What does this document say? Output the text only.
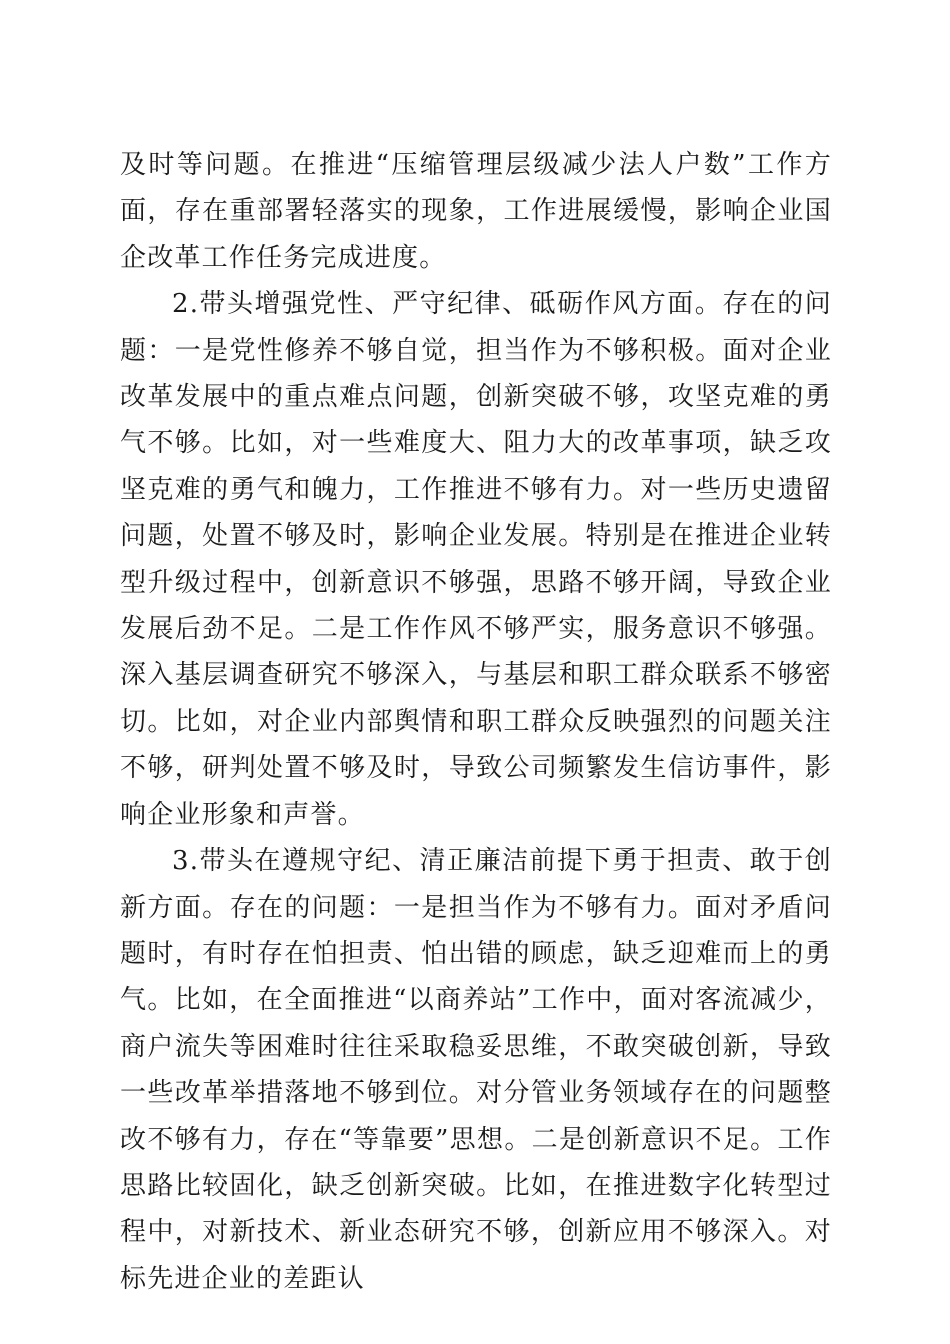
及时等问题。在推进“压缩管理层级减少法人户数”工作方面，存在重部署轻落实的现象，工作进展缓慢，影响企业国企改革工作任务完成进度。

2.带头增强党性、严守纪律、砥砺作风方面。存在的问题：一是党性修养不够自觉，担当作为不够积极。面对企业改革发展中的重点难点问题，创新突破不够，攻坚克难的勇气不够。比如，对一些难度大、阻力大的改革事项，缺乏攻坚克难的勇气和魄力，工作推进不够有力。对一些历史遗留问题，处置不够及时，影响企业发展。特别是在推进企业转型升级过程中，创新意识不够强，思路不够开阔，导致企业发展后劲不足。二是工作作风不够严实，服务意识不够强。深入基层调查研究不够深入，与基层和职工群众联系不够密切。比如，对企业内部舆情和职工群众反映强烈的问题关注不够，研判处置不够及时，导致公司频繁发生信访事件，影响企业形象和声誉。

3.带头在遵规守纪、清正廉洁前提下勇于担责、敢于创新方面。存在的问题：一是担当作为不够有力。面对矛盾问题时，有时存在怕担责、怕出错的顾虑，缺乏迎难而上的勇气。比如，在全面推进“以商养站”工作中，面对客流减少，商户流失等困难时往往采取稳妥思维，不敢突破创新，导致一些改革举措落地不够到位。对分管业务领域存在的问题整改不够有力，存在“等靠要”思想。二是创新意识不足。工作思路比较固化，缺乏创新突破。比如，在推进数字化转型过程中，对新技术、新业态研究不够，创新应用不够深入。对标先进企业的差距认
